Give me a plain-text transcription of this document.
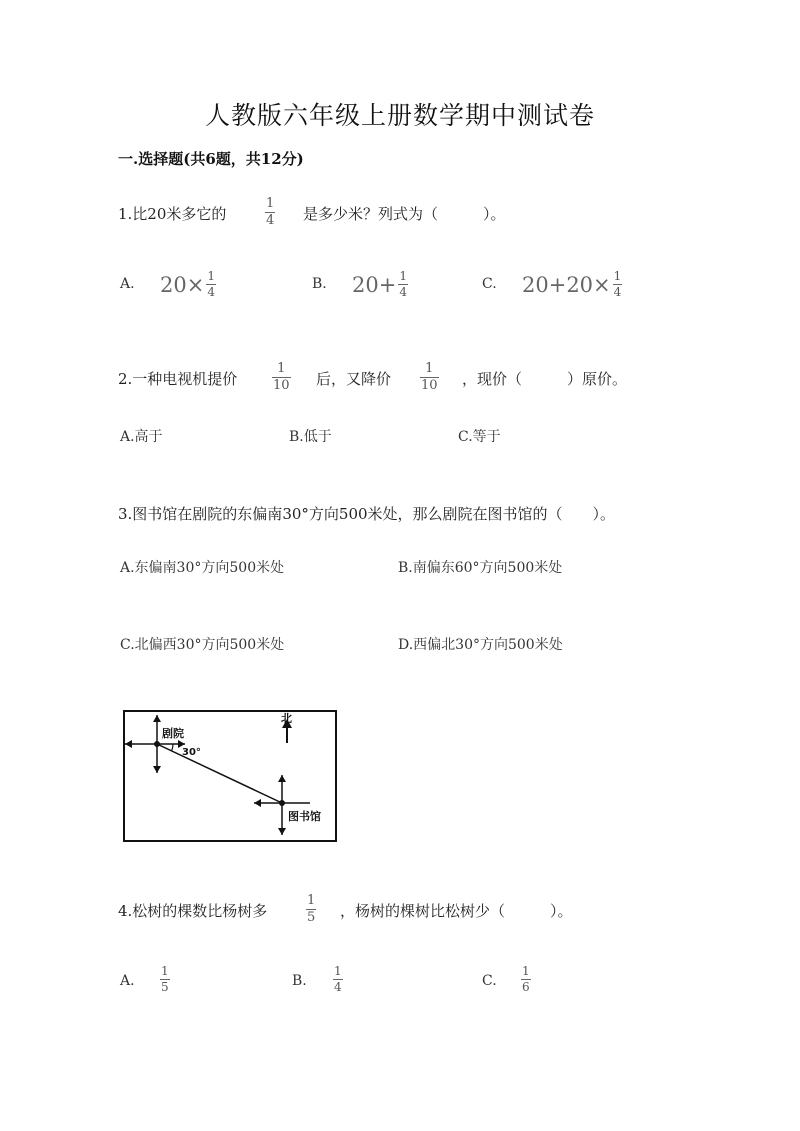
人教版六年级上册数学期中测试卷
一.选择题(共6题，共12分)
1.比20米多它的	$\frac{1}{4}$ 是多少米？列式为（　　　）。
A. $20\times \frac{1}{4}$	B. $20+ \frac{1}{4}$	C. $20+20\times \frac{1}{4}$
2.一种电视机提价	$\frac{1}{10}$ 后，又降价 $\frac{1}{10}$ ，现价（　　　）原价。
A.高于	B.低于	C.等于
3.图书馆在剧院的东偏南30°方向500米处，那么剧院在图书馆的（　　）。
A.东偏南30°方向500米处	B.南偏东60°方向500米处
C.北偏西30°方向500米处	D.西偏北30°方向500米处
剧院
30°
北
图书馆
4.松树的棵数比杨树多	$\frac{1}{5}$ ，杨树的棵树比松树少（　　　）。
A. $\frac{1}{5}$	B. $\frac{1}{4}$	C. $\frac{1}{6}$
